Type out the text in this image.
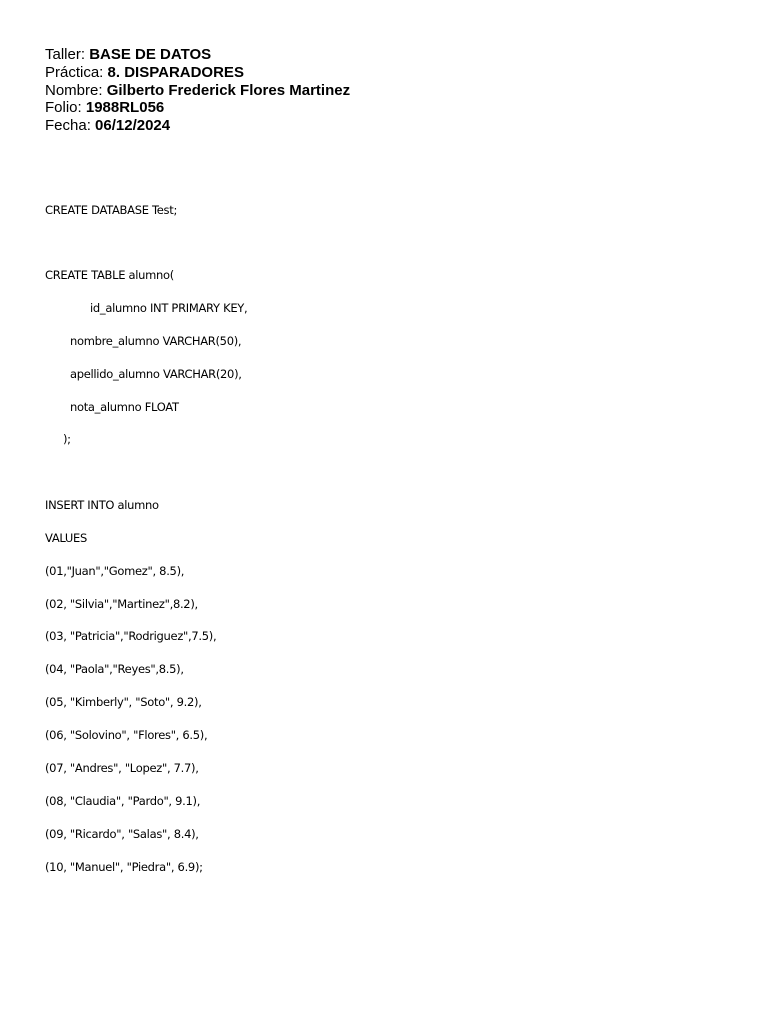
Taller: BASE DE DATOS
Práctica: 8. DISPARADORES
Nombre: Gilberto Frederick Flores Martinez
Folio: 1988RL056
Fecha: 06/12/2024
CREATE DATABASE Test;
CREATE TABLE alumno(
id_alumno INT PRIMARY KEY,
nombre_alumno VARCHAR(50),
apellido_alumno VARCHAR(20),
nota_alumno FLOAT
);
INSERT INTO alumno
VALUES
(01,"Juan","Gomez", 8.5),
(02, "Silvia","Martinez",8.2),
(03, "Patricia","Rodriguez",7.5),
(04, "Paola","Reyes",8.5),
(05, "Kimberly", "Soto", 9.2),
(06, "Solovino", "Flores", 6.5),
(07, "Andres", "Lopez", 7.7),
(08, "Claudia", "Pardo", 9.1),
(09, "Ricardo", "Salas", 8.4),
(10, "Manuel", "Piedra", 6.9);
